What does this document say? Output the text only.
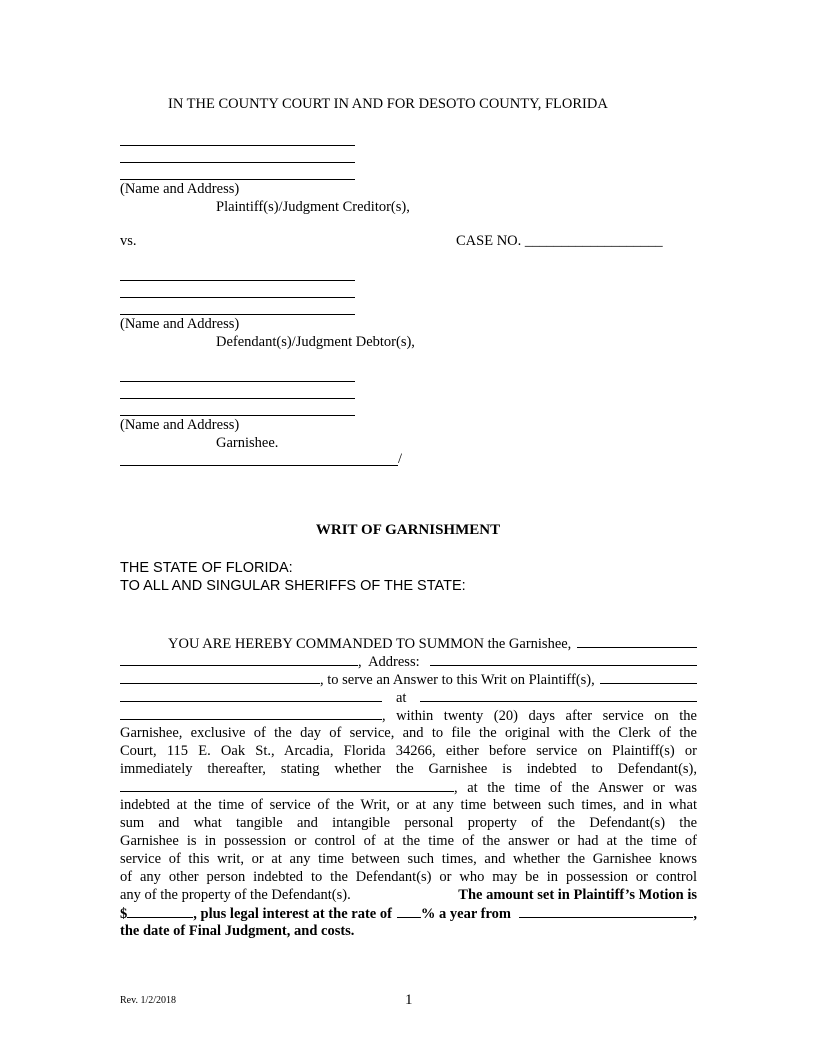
IN THE COUNTY COURT IN AND FOR DESOTO COUNTY, FLORIDA
(Name and Address)
Plaintiff(s)/Judgment Creditor(s),
vs.	CASE NO. ___________________
(Name and Address)
Defendant(s)/Judgment Debtor(s),
(Name and Address)
Garnishee.
/
WRIT OF GARNISHMENT
THE STATE OF FLORIDA:
TO ALL AND SINGULAR SHERIFFS OF THE STATE:
YOU ARE HEREBY COMMANDED TO SUMMON the Garnishee,
,  Address:
, to serve an Answer to this Writ on Plaintiff(s),
at
, within twenty (20) days after service on the
Garnishee, exclusive of the day of service, and to file the original with the Clerk of the
Court, 115 E. Oak St., Arcadia, Florida 34266, either before service on Plaintiff(s) or
immediately thereafter, stating whether the Garnishee is indebted to Defendant(s),
, at the time of the Answer or was
indebted at the time of service of the Writ, or at any time between such times, and in what
sum and what tangible and intangible personal property of the Defendant(s) the
Garnishee is in possession or control of at the time of the answer or had at the time of
service of this writ, or at any time between such times, and whether the Garnishee knows
of any other person indebted to the Defendant(s) or who may be in possession or control
any of the property of the Defendant(s).	The amount set in Plaintiff’s Motion is
$	, plus legal interest at the rate of % a year from	,
the date of Final Judgment, and costs.
Rev. 1/2/2018	1
